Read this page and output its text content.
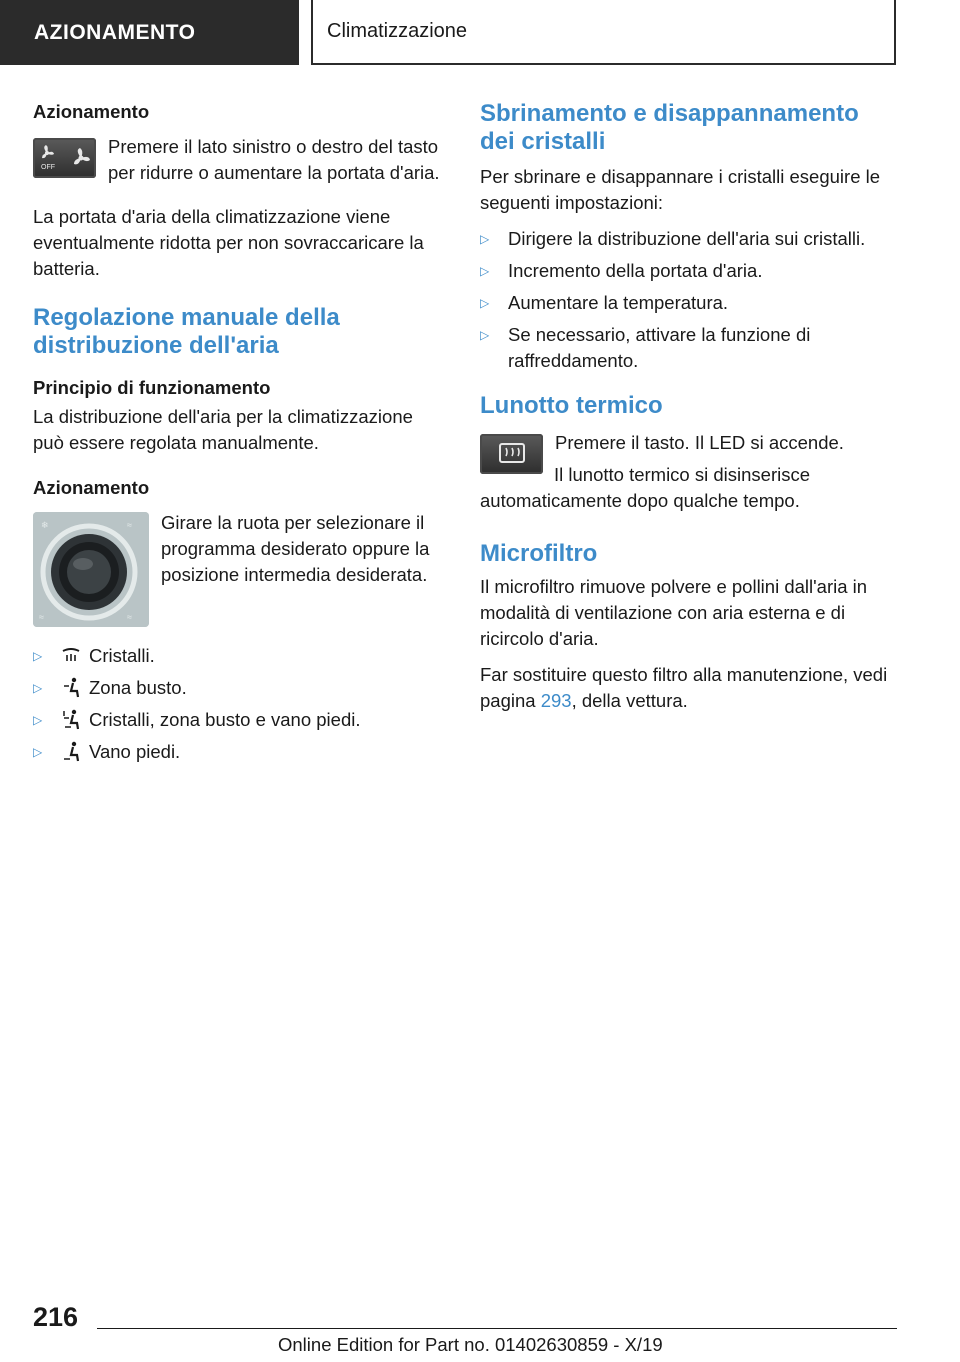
AZIONAMENTO	Climatizzazione

Azionamento

OFF

Premere il lato sinistro o destro del tasto per ridurre o aumentare la portata d'aria.

La portata d'aria della climatizzazione viene eventualmente ridotta per non sovraccaricare la batteria.

Regolazione manuale della distribuzione dell'aria

Principio di funzionamento

La distribuzione dell'aria per la climatizzazione può essere regolata manualmente.

Azionamento

❄	≈
≈
≈

Girare la ruota per selezionare il programma desiderato oppure la posizione intermedia desiderata.

▷	Cristalli.
▷	Zona busto.
▷	Cristalli, zona busto e vano piedi.
▷	Vano piedi.

Sbrinamento e disappannamento dei cristalli

Per sbrinare e disappannare i cristalli eseguire le seguenti impostazioni:

▷	Dirigere la distribuzione dell'aria sui cristalli.
▷	Incremento della portata d'aria.
▷	Aumentare la temperatura.
▷	Se necessario, attivare la funzione di raffreddamento.

Lunotto termico

Premere il tasto. Il LED si accende.

Il lunotto termico si disinserisce automaticamente dopo qualche tempo.

Microfiltro

Il microfiltro rimuove polvere e pollini dall'aria in modalità di ventilazione con aria esterna e di ricircolo d'aria.

Far sostituire questo filtro alla manutenzione, vedi pagina 293, della vettura.

216
Online Edition for Part no. 01402630859 - X/19
